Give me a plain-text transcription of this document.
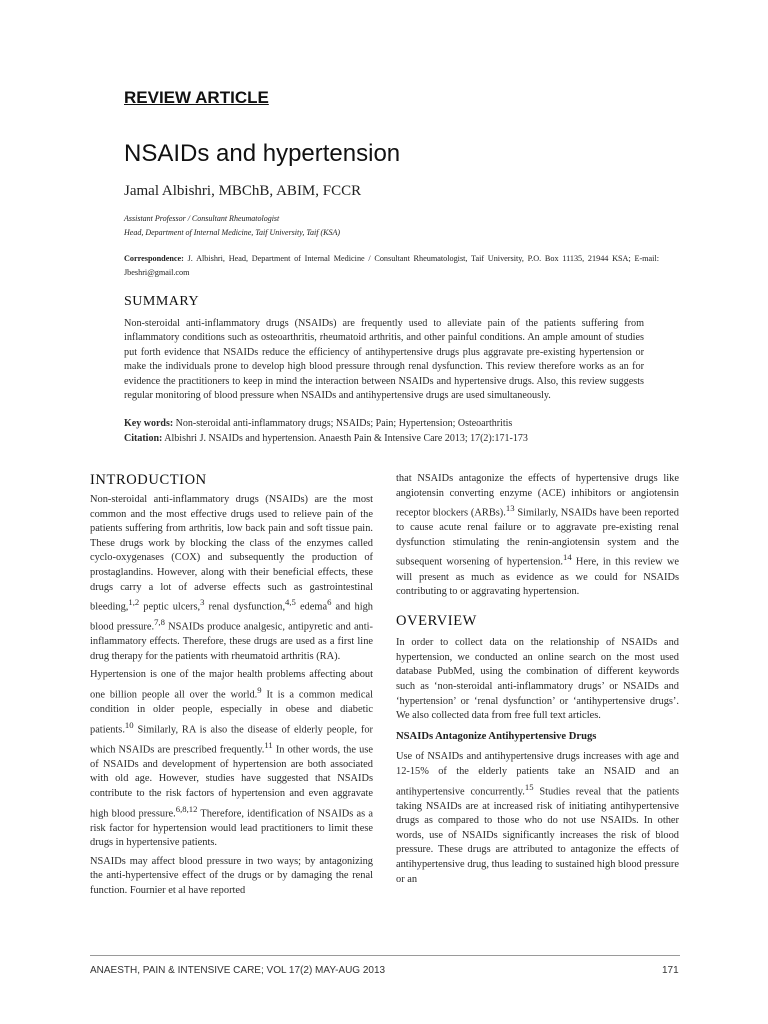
REVIEW ARTICLE
NSAIDs and hypertension
Jamal Albishri, MBChB, ABIM, FCCR
Assistant Professor / Consultant Rheumatologist
Head, Department of Internal Medicine, Taif University, Taif (KSA)
Correspondence: J. Albishri, Head, Department of Internal Medicine / Consultant Rheumatologist, Taif University, P.O. Box 11135, 21944 KSA; E-mail: Jbeshri@gmail.com
SUMMARY
Non-steroidal anti-inflammatory drugs (NSAIDs) are frequently used to alleviate pain of the patients suffering from inflammatory conditions such as osteoarthritis, rheumatoid arthritis, and other painful conditions. An ample amount of studies put forth evidence that NSAIDs reduce the efficiency of antihypertensive drugs plus aggravate pre-existing hypertension or make the individuals prone to develop high blood pressure through renal dysfunction. This review therefore works as an for evidence the practitioners to keep in mind the interaction between NSAIDs and hypertensive drugs. Also, this review suggests regular monitoring of blood pressure when NSAIDs and antihypertensive drugs are used simultaneously.
Key words: Non-steroidal anti-inflammatory drugs; NSAIDs; Pain; Hypertension; Osteoarthritis
Citation: Albishri J. NSAIDs and hypertension. Anaesth Pain & Intensive Care 2013; 17(2):171-173
INTRODUCTION

Non-steroidal anti-inflammatory drugs (NSAIDs) are the most common and the most effective drugs used to relieve pain of the patients suffering from arthritis, low back pain and soft tissue pain. These drugs work by blocking the class of the enzymes called cyclo-oxygenases (COX) and subsequently the production of prostaglandins. However, along with their beneficial effects, these drugs carry a lot of adverse effects such as gastrointestinal bleeding,$^{1,2}$ peptic ulcers,$^3$ renal dysfunction,$^{4,5}$ edema$^6$ and high blood pressure.$^{7,8}$ NSAIDs produce analgesic, antipyretic and anti-inflammatory effects. Therefore, these drugs are used as a first line drug therapy for the patients with rheumatoid arthritis (RA).

Hypertension is one of the major health problems affecting about one billion people all over the world.$^9$ It is a common medical condition in older people, especially in obese and diabetic patients.$^{10}$ Similarly, RA is also the disease of elderly people, for which NSAIDs are prescribed frequently.$^{11}$ In other words, the use of NSAIDs and development of hypertension are both associated with old age. However, studies have suggested that NSAIDs contribute to the risk factors of hypertension and even aggravate high blood pressure.$^{6,8,12}$ Therefore, identification of NSAIDs as a risk factor for hypertension would lead practitioners to limit these drugs in hypertensive patients.

NSAIDs may affect blood pressure in two ways; by antagonizing the anti-hypertensive effect of the drugs or by damaging the renal function. Fournier et al have reported

that NSAIDs antagonize the effects of hypertensive drugs like angiotensin converting enzyme (ACE) inhibitors or angiotensin receptor blockers (ARBs).$^{13}$ Similarly, NSAIDs have been reported to cause acute renal failure or to aggravate pre-existing renal dysfunction stimulating the renin-angiotensin system and the subsequent worsening of hypertension.$^{14}$ Here, in this review we will present as much as evidence as we could for NSAIDs contributing to or aggravating hypertension.

OVERVIEW

In order to collect data on the relationship of NSAIDs and hypertension, we conducted an online search on the most used database PubMed, using the combination of different keywords such as ‘non-steroidal anti-inflammatory drugs’ or NSAIDs and ‘hypertension’ or ‘renal dysfunction’ or ‘antihypertensive drugs’. We also collected data from free full text articles.

NSAIDs Antagonize Antihypertensive Drugs

Use of NSAIDs and antihypertensive drugs increases with age and 12-15% of the elderly patients take an NSAID and an antihypertensive concurrently.$^{15}$ Studies reveal that the patients taking NSAIDs are at increased risk of initiating antihypertensive drugs as compared to those who do not use NSAIDs. In other words, use of NSAIDs significantly increases the risk of blood pressure. These drugs are attributed to antagonize the effects of antihypertensive drug, thus leading to sustained high blood pressure or an

ANAESTH, PAIN & INTENSIVE CARE; VOL 17(2) MAY-AUG 2013	171
